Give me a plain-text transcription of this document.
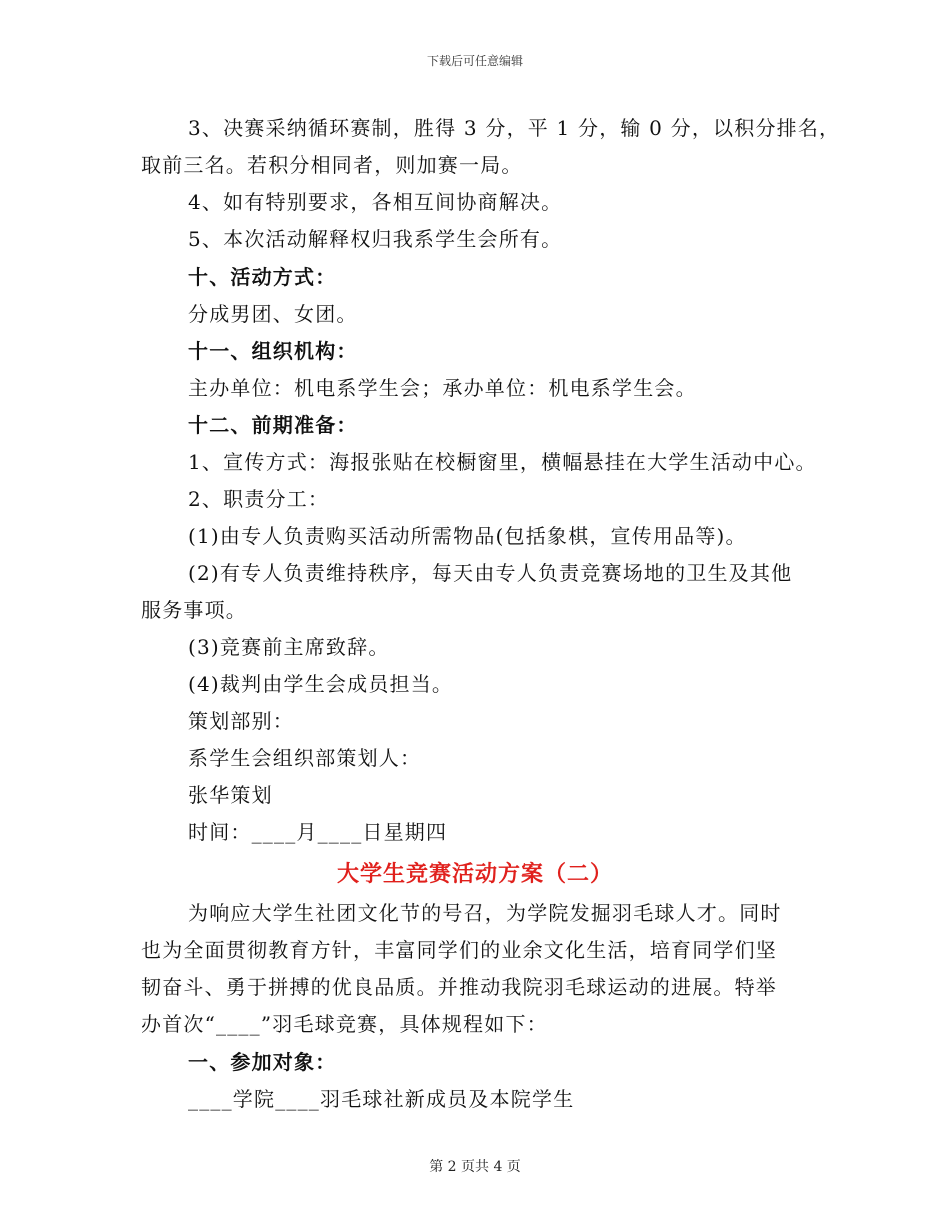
下载后可任意编辑
3、决赛采纳循环赛制，胜得 3 分，平 1 分，输 0 分，以积分排名，
取前三名。若积分相同者，则加赛一局。
4、如有特别要求，各相互间协商解决。
5、本次活动解释权归我系学生会所有。
十、活动方式：
分成男团、女团。
十一、组织机构：
主办单位：机电系学生会；承办单位：机电系学生会。
十二、前期准备：
1、宣传方式：海报张贴在校橱窗里，横幅悬挂在大学生活动中心。
2、职责分工：
(1)由专人负责购买活动所需物品(包括象棋，宣传用品等)。
(2)有专人负责维持秩序，每天由专人负责竞赛场地的卫生及其他
服务事项。
(3)竞赛前主席致辞。
(4)裁判由学生会成员担当。
策划部别：
系学生会组织部策划人：
张华策划
时间：____月____日星期四
大学生竞赛活动方案（二）
为响应大学生社团文化节的号召，为学院发掘羽毛球人才。同时
也为全面贯彻教育方针，丰富同学们的业余文化生活，培育同学们坚
韧奋斗、勇于拼搏的优良品质。并推动我院羽毛球运动的进展。特举
办首次“____”羽毛球竞赛，具体规程如下：
一、参加对象：
____学院____羽毛球社新成员及本院学生
第 2 页共 4 页
